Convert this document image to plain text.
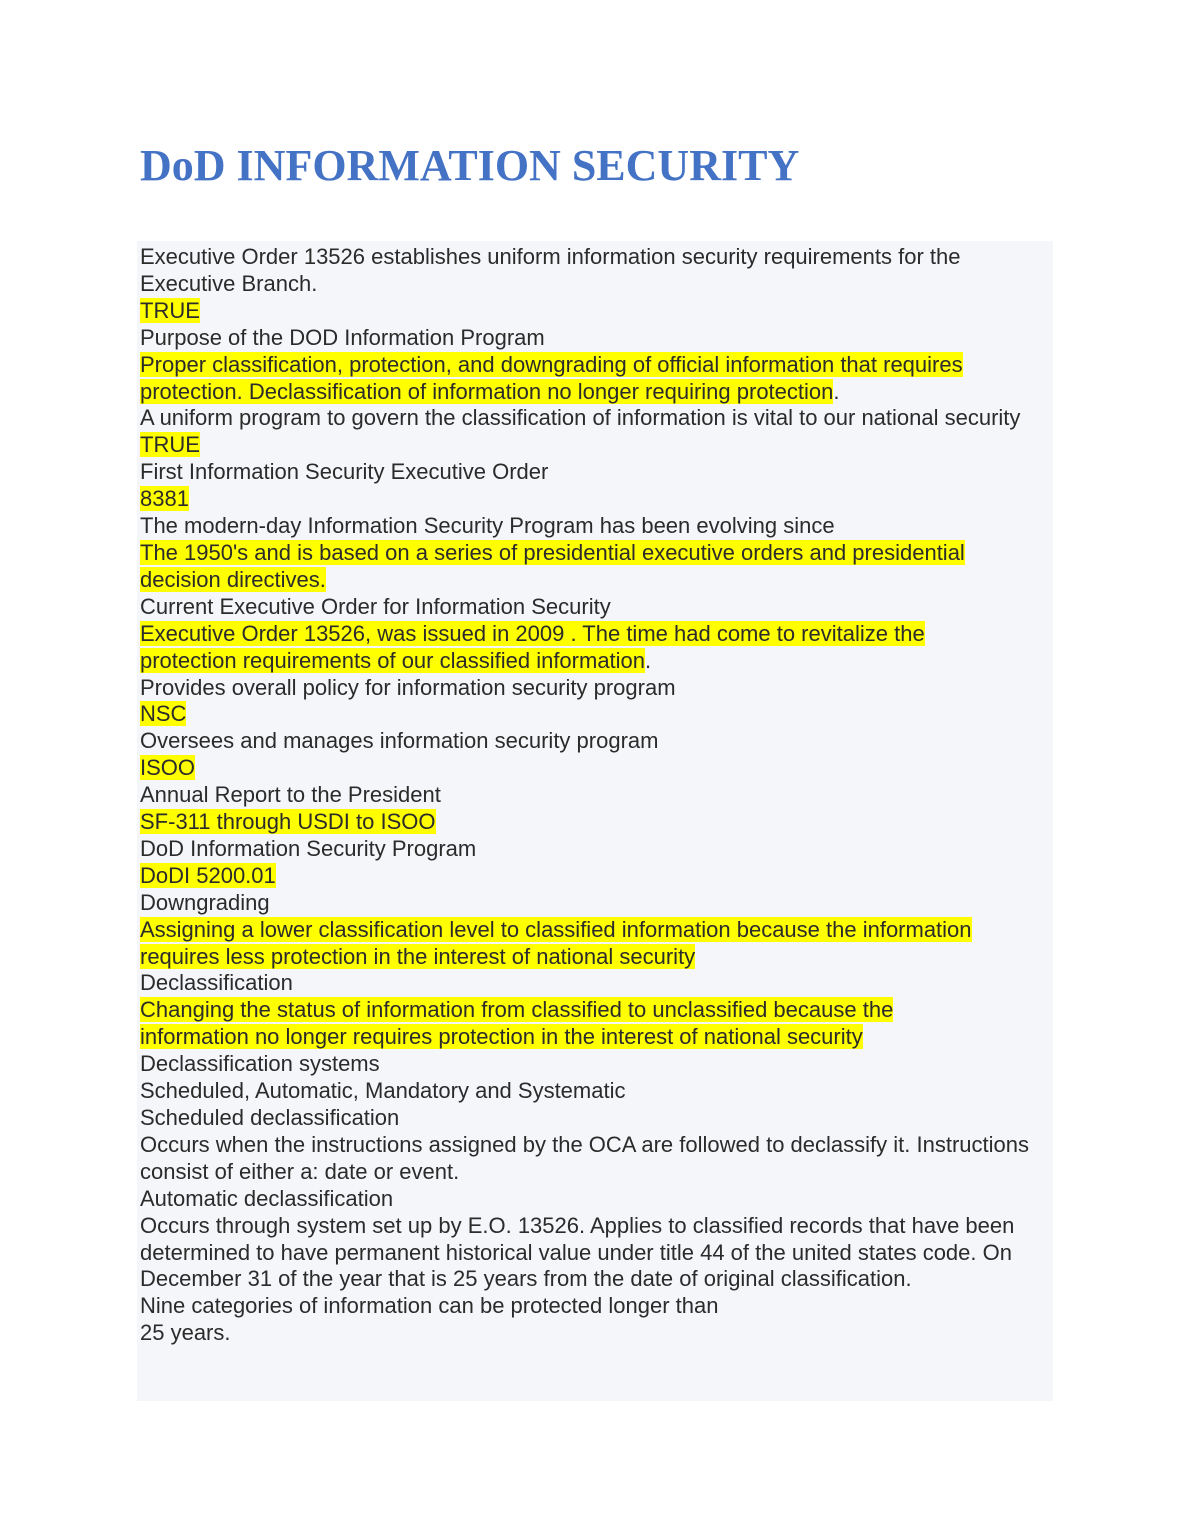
DoD INFORMATION SECURITY
Executive Order 13526 establishes uniform information security requirements for the Executive Branch.
TRUE
Purpose of the DOD Information Program
Proper classification, protection, and downgrading of official information that requires
protection. Declassification of information no longer requiring protection.
A uniform program to govern the classification of information is vital to our national security
TRUE
First Information Security Executive Order
8381
The modern-day Information Security Program has been evolving since
The 1950's and is based on a series of presidential executive orders and presidential
decision directives.
Current Executive Order for Information Security
Executive Order 13526, was issued in 2009 . The time had come to revitalize the
protection requirements of our classified information.
Provides overall policy for information security program
NSC
Oversees and manages information security program
ISOO
Annual Report to the President
SF-311 through USDI to ISOO
DoD Information Security Program
DoDI 5200.01
Downgrading
Assigning a lower classification level to classified information because the information
requires less protection in the interest of national security
Declassification
Changing the status of information from classified to unclassified because the
information no longer requires protection in the interest of national security
Declassification systems
Scheduled, Automatic, Mandatory and Systematic
Scheduled declassification
Occurs when the instructions assigned by the OCA are followed to declassify it. Instructions consist of either a: date or event.
Automatic declassification
Occurs through system set up by E.O. 13526. Applies to classified records that have been determined to have permanent historical value under title 44 of the united states code. On December 31 of the year that is 25 years from the date of original classification.
Nine categories of information can be protected longer than
25 years.
